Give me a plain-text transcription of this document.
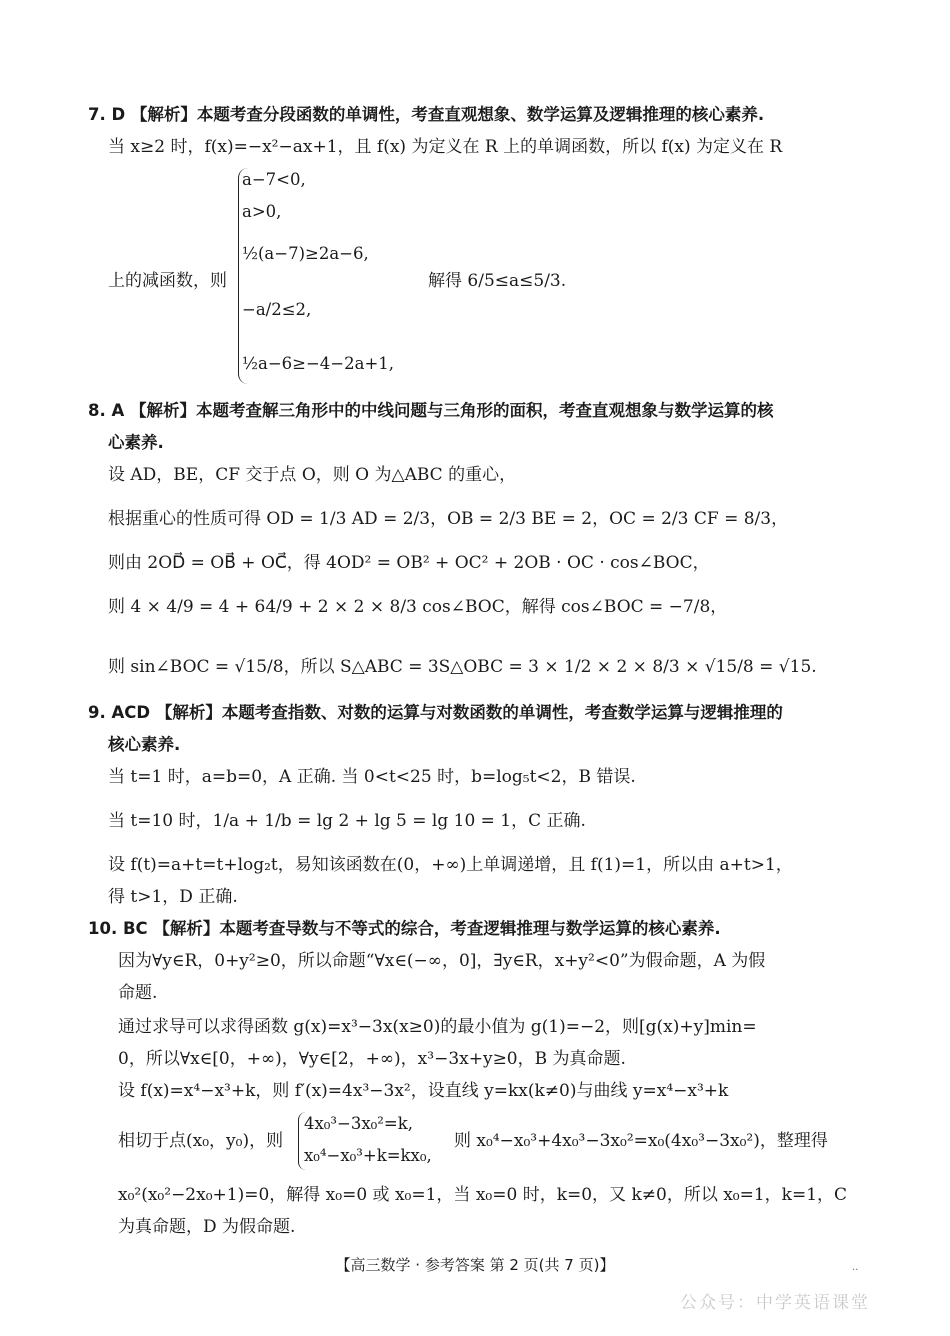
7. D 【解析】本题考查分段函数的单调性，考查直观想象、数学运算及逻辑推理的核心素养.
当 x≥2 时，f(x)=−x²−ax+1，且 f(x) 为定义在 R 上的单调函数，所以 f(x) 为定义在 R
上的减函数，则
a−7<0,
a>0,
½(a−7)≥2a−6,
−a/2≤2,
½a−6≥−4−2a+1,
解得 6/5≤a≤5/3.
8. A 【解析】本题考查解三角形中的中线问题与三角形的面积，考查直观想象与数学运算的核
心素养.
设 AD，BE，CF 交于点 O，则 O 为△ABC 的重心，
根据重心的性质可得 OD = 1/3 AD = 2/3，OB = 2/3 BE = 2，OC = 2/3 CF = 8/3，
则由 2OD⃗ = OB⃗ + OC⃗，得 4OD² = OB² + OC² + 2OB · OC · cos∠BOC，
则 4 × 4/9 = 4 + 64/9 + 2 × 2 × 8/3 cos∠BOC，解得 cos∠BOC = −7/8，
则 sin∠BOC = √15/8，所以 S△ABC = 3S△OBC = 3 × 1/2 × 2 × 8/3 × √15/8 = √15.
9. ACD 【解析】本题考查指数、对数的运算与对数函数的单调性，考查数学运算与逻辑推理的
核心素养.
当 t=1 时，a=b=0，A 正确. 当 0<t<25 时，b=log₅t<2，B 错误.
当 t=10 时，1/a + 1/b = lg 2 + lg 5 = lg 10 = 1，C 正确.
设 f(t)=a+t=t+log₂t，易知该函数在(0，+∞)上单调递增，且 f(1)=1，所以由 a+t>1，
得 t>1，D 正确.
10. BC 【解析】本题考查导数与不等式的综合，考查逻辑推理与数学运算的核心素养.
因为∀y∈R，0+y²≥0，所以命题“∀x∈(−∞，0]，∃y∈R，x+y²<0”为假命题，A 为假
命题.
通过求导可以求得函数 g(x)=x³−3x(x≥0)的最小值为 g(1)=−2，则[g(x)+y]min=
0，所以∀x∈[0，+∞)，∀y∈[2，+∞)，x³−3x+y≥0，B 为真命题.
设 f(x)=x⁴−x³+k，则 f′(x)=4x³−3x²，设直线 y=kx(k≠0)与曲线 y=x⁴−x³+k
相切于点(x₀，y₀)，则
4x₀³−3x₀²=k,
x₀⁴−x₀³+k=kx₀,
则 x₀⁴−x₀³+4x₀³−3x₀²=x₀(4x₀³−3x₀²)，整理得
x₀²(x₀²−2x₀+1)=0，解得 x₀=0 或 x₀=1，当 x₀=0 时，k=0，又 k≠0，所以 x₀=1，k=1，C
为真命题，D 为假命题.
【高三数学 · 参考答案 第 2 页(共 7 页)】	..
公众号：中学英语课堂
